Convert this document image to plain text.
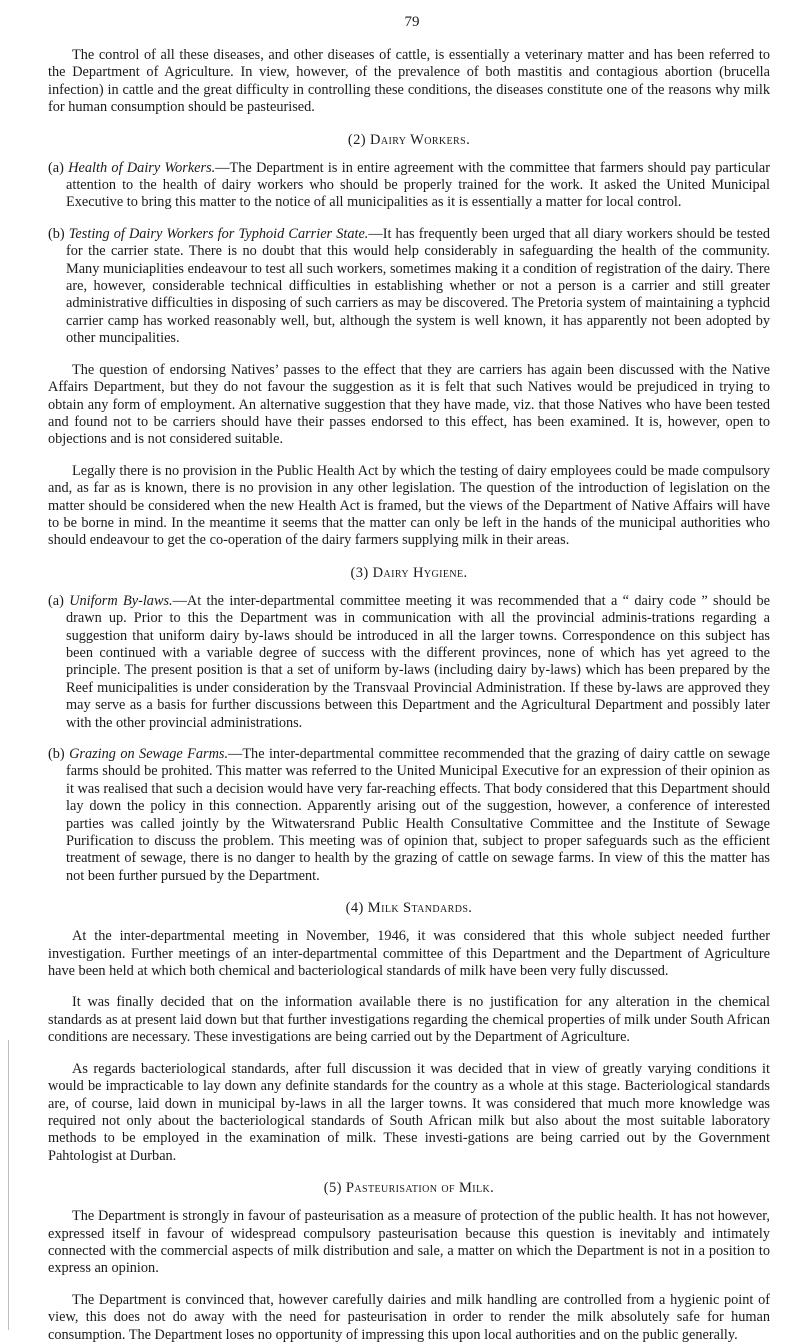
79

The control of all these diseases, and other diseases of cattle, is essentially a veterinary matter and has been referred to the Department of Agriculture. In view, however, of the prevalence of both mastitis and contagious abortion (brucella infection) in cattle and the great difficulty in controlling these conditions, the diseases constitute one of the reasons why milk for human consumption should be pasteurised.

(2) Dairy Workers.

(a) Health of Dairy Workers.—The Department is in entire agreement with the committee that farmers should pay particular attention to the health of dairy workers who should be properly trained for the work. It asked the United Municipal Executive to bring this matter to the notice of all municipalities as it is essentially a matter for local control.

(b) Testing of Dairy Workers for Typhoid Carrier State.—It has frequently been urged that all diary workers should be tested for the carrier state. There is no doubt that this would help considerably in safeguarding the health of the community. Many municiaplities endeavour to test all such workers, sometimes making it a condition of registration of the dairy. There are, however, considerable technical difficulties in establishing whether or not a person is a carrier and still greater administrative difficulties in disposing of such carriers as may be discovered. The Pretoria system of maintaining a typhcid carrier camp has worked reasonably well, but, although the system is well known, it has apparently not been adopted by other muncipalities.

The question of endorsing Natives’ passes to the effect that they are carriers has again been discussed with the Native Affairs Department, but they do not favour the suggestion as it is felt that such Natives would be prejudiced in trying to obtain any form of employment. An alternative suggestion that they have made, viz. that those Natives who have been tested and found not to be carriers should have their passes endorsed to this effect, has been examined. It is, however, open to objections and is not considered suitable.

Legally there is no provision in the Public Health Act by which the testing of dairy employees could be made compulsory and, as far as is known, there is no provision in any other legislation. The question of the introduction of legislation on the matter should be considered when the new Health Act is framed, but the views of the Department of Native Affairs will have to be borne in mind. In the meantime it seems that the matter can only be left in the hands of the municipal authorities who should endeavour to get the co-operation of the dairy farmers supplying milk in their areas.

(3) Dairy Hygiene.

(a) Uniform By-laws.—At the inter-departmental committee meeting it was recommended that a “ dairy code ” should be drawn up. Prior to this the Department was in communication with all the provincial adminis-trations regarding a suggestion that uniform dairy by-laws should be introduced in all the larger towns. Correspondence on this subject has been continued with a variable degree of success with the different provinces, none of which has yet agreed to the principle. The present position is that a set of uniform by-laws (including dairy by-laws) which has been prepared by the Reef municipalities is under consideration by the Transvaal Provincial Administration. If these by-laws are approved they may serve as a basis for further discussions between this Department and the Agricultural Department and possibly later with the other provincial administrations.

(b) Grazing on Sewage Farms.—The inter-departmental committee recommended that the grazing of dairy cattle on sewage farms should be prohited. This matter was referred to the United Municipal Executive for an expression of their opinion as it was realised that such a decision would have very far-reaching effects. That body considered that this Department should lay down the policy in this connection. Apparently arising out of the suggestion, however, a conference of interested parties was called jointly by the Witwatersrand Public Health Consultative Committee and the Institute of Sewage Purification to discuss the problem. This meeting was of opinion that, subject to proper safeguards such as the efficient treatment of sewage, there is no danger to health by the grazing of cattle on sewage farms. In view of this the matter has not been further pursued by the Department.

(4) Milk Standards.

At the inter-departmental meeting in November, 1946, it was considered that this whole subject needed further investigation. Further meetings of an inter-departmental committee of this Department and the Department of Agriculture have been held at which both chemical and bacteriological standards of milk have been very fully discussed.

It was finally decided that on the information available there is no justification for any alteration in the chemical standards as at present laid down but that further investigations regarding the chemical properties of milk under South African conditions are necessary. These investigations are being carried out by the Department of Agriculture.

As regards bacteriological standards, after full discussion it was decided that in view of greatly varying conditions it would be impracticable to lay down any definite standards for the country as a whole at this stage. Bacteriological standards are, of course, laid down in municipal by-laws in all the larger towns. It was considered that much more knowledge was required not only about the bacteriological standards of South African milk but also about the most suitable laboratory methods to be employed in the examination of milk. These investi-gations are being carried out by the Government Pahtologist at Durban.

(5) Pasteurisation of Milk.

The Department is strongly in favour of pasteurisation as a measure of protection of the public health. It has not however, expressed itself in favour of widespread compulsory pasteurisation because this question is inevitably and intimately connected with the commercial aspects of milk distribution and sale, a matter on which the Department is not in a position to express an opinion.

The Department is convinced that, however carefully dairies and milk handling are controlled from a hygienic point of view, this does not do away with the need for pasteurisation in order to render the milk absolutely safe for human consumption. The Department loses no opportunity of impressing this upon local authorities and on the public generally.
